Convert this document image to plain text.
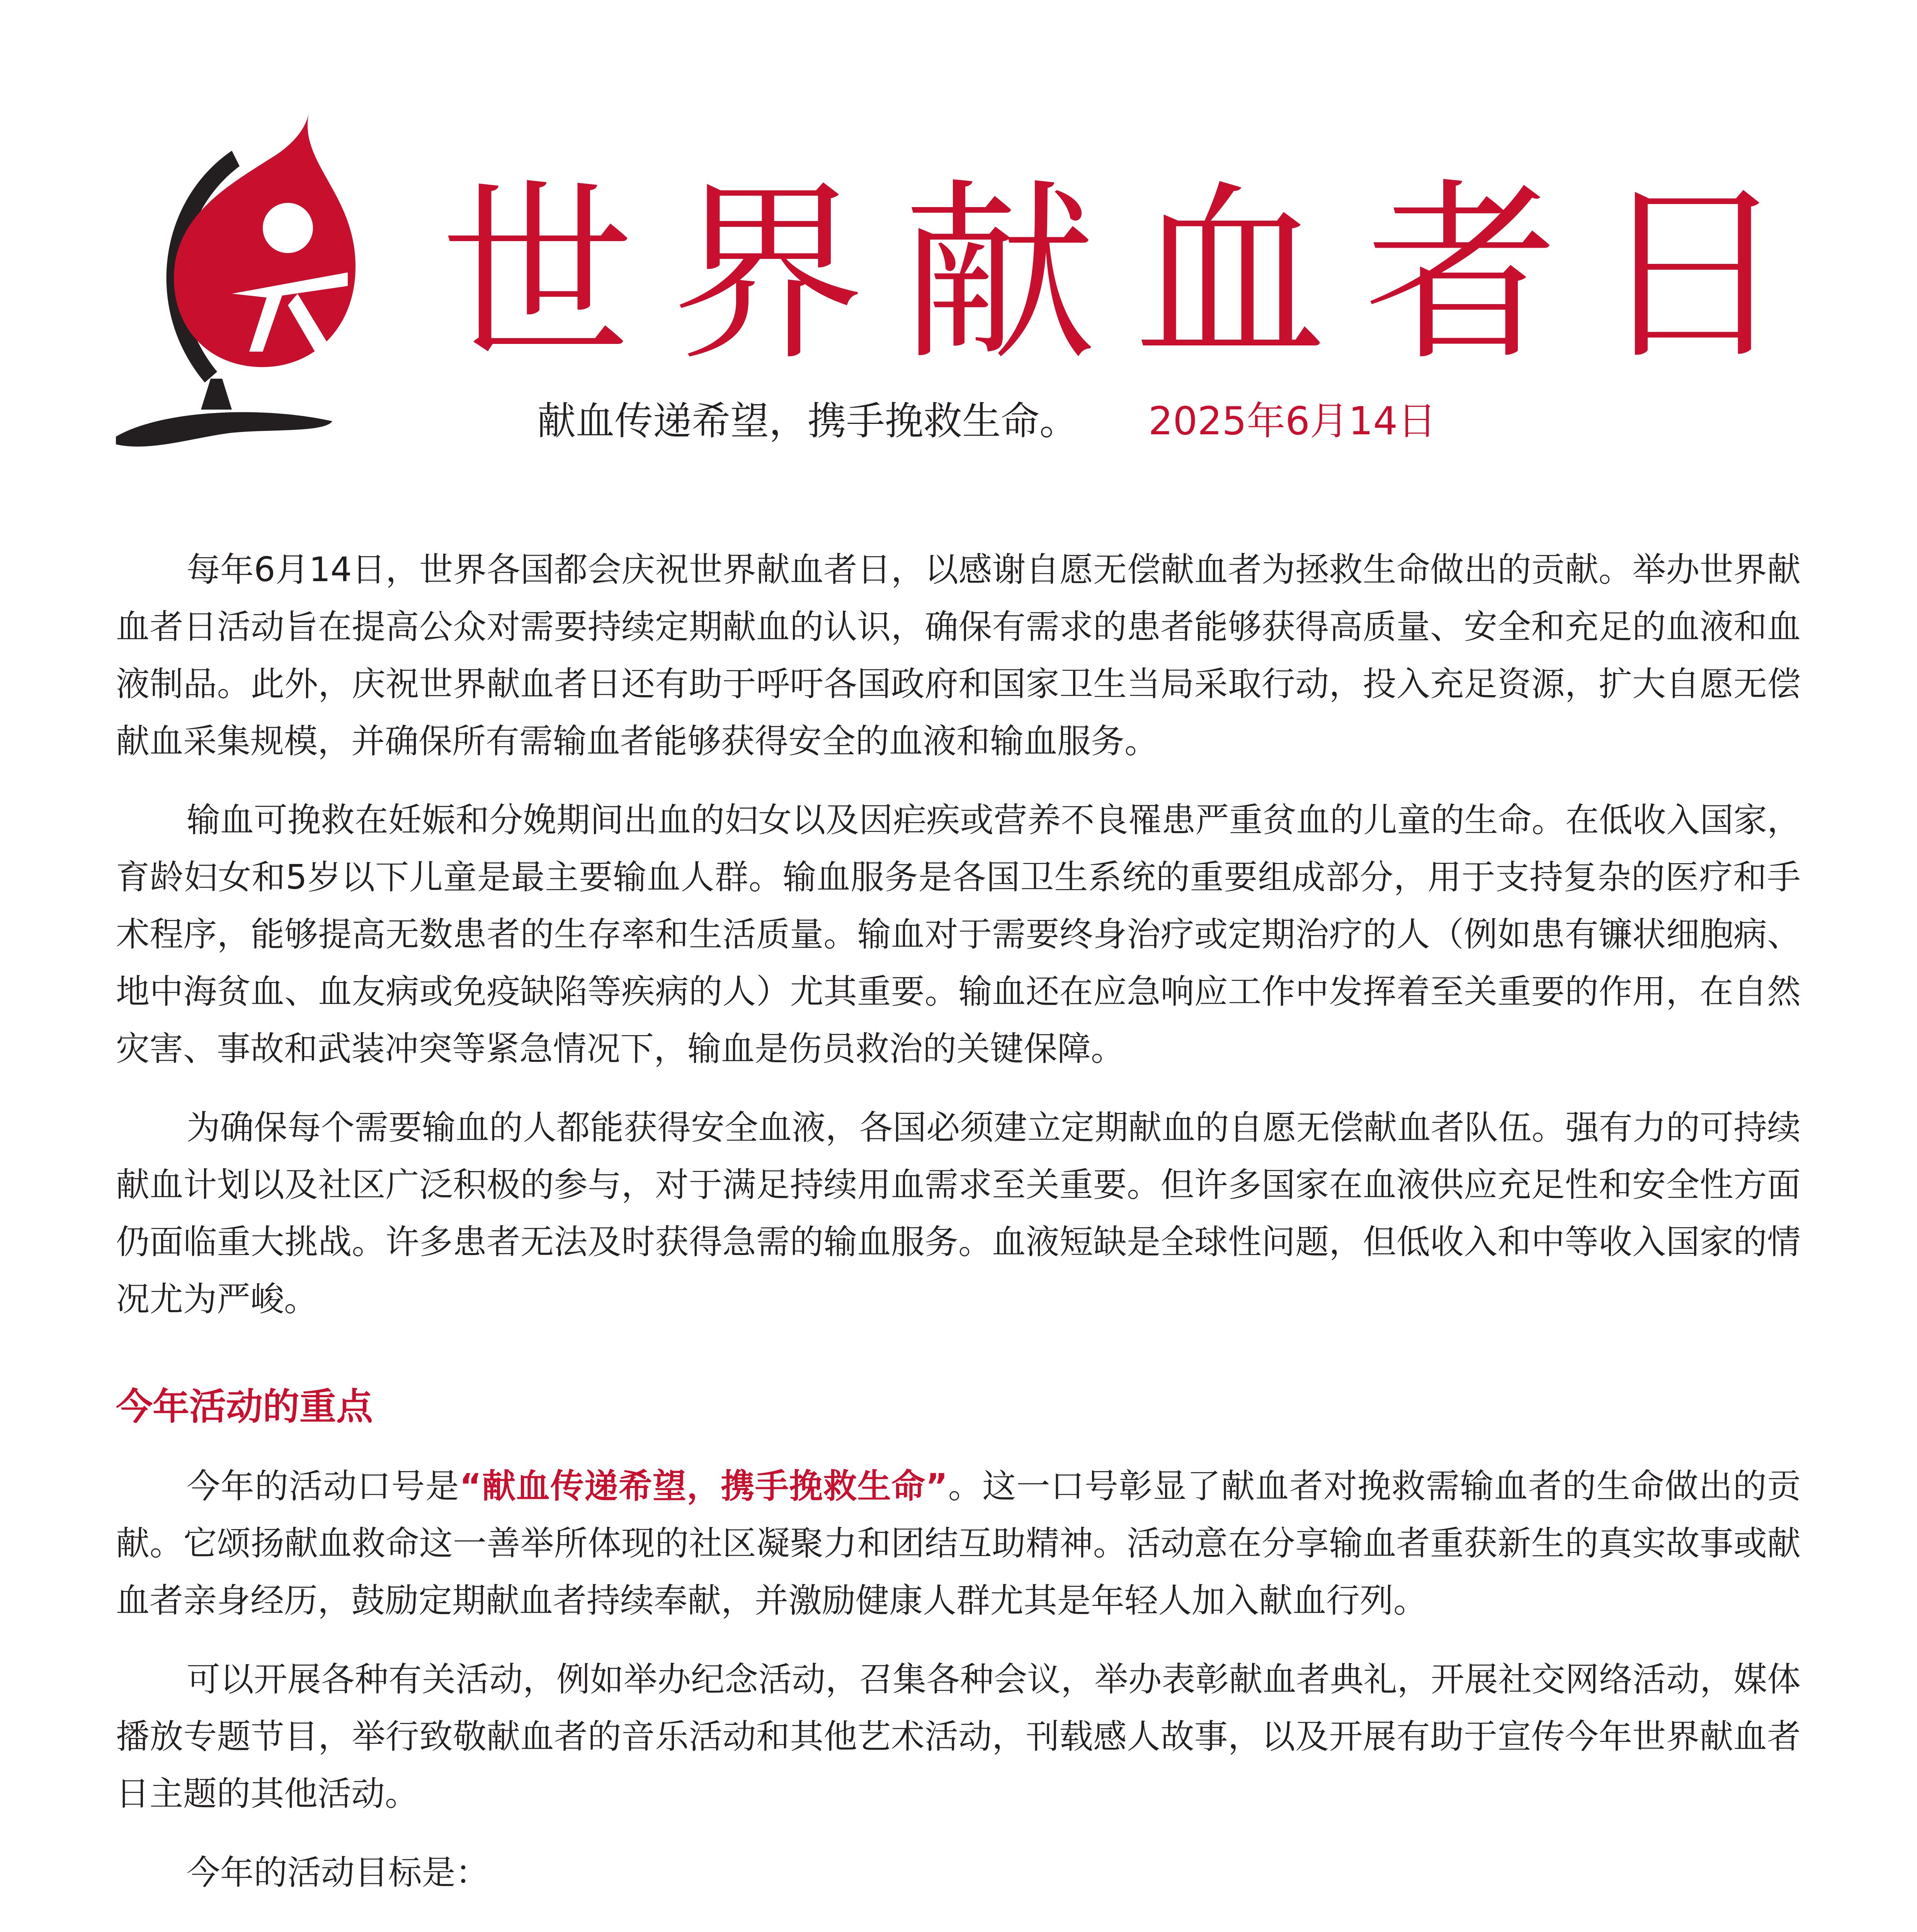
世界献血者日
献血传递希望，携手挽救生命。 2025年6月14日

每年6月14日，世界各国都会庆祝世界献血者日，以感谢自愿无偿献血者为拯救生命做出的贡献。举办世界献血者日活动旨在提高公众对需要持续定期献血的认识，确保有需求的患者能够获得高质量、安全和充足的血液和血液制品。此外，庆祝世界献血者日还有助于呼吁各国政府和国家卫生当局采取行动，投入充足资源，扩大自愿无偿献血采集规模，并确保所有需输血者能够获得安全的血液和输血服务。

输血可挽救在妊娠和分娩期间出血的妇女以及因疟疾或营养不良罹患严重贫血的儿童的生命。在低收入国家，育龄妇女和5岁以下儿童是最主要输血人群。输血服务是各国卫生系统的重要组成部分，用于支持复杂的医疗和手术程序，能够提高无数患者的生存率和生活质量。输血对于需要终身治疗或定期治疗的人（例如患有镰状细胞病、地中海贫血、血友病或免疫缺陷等疾病的人）尤其重要。输血还在应急响应工作中发挥着至关重要的作用，在自然灾害、事故和武装冲突等紧急情况下，输血是伤员救治的关键保障。

为确保每个需要输血的人都能获得安全血液，各国必须建立定期献血的自愿无偿献血者队伍。强有力的可持续献血计划以及社区广泛积极的参与，对于满足持续用血需求至关重要。但许多国家在血液供应充足性和安全性方面仍面临重大挑战。许多患者无法及时获得急需的输血服务。血液短缺是全球性问题，但低收入和中等收入国家的情况尤为严峻。

今年活动的重点

今年的活动口号是“献血传递希望，携手挽救生命”。这一口号彰显了献血者对挽救需输血者的生命做出的贡献。它颂扬献血救命这一善举所体现的社区凝聚力和团结互助精神。活动意在分享输血者重获新生的真实故事或献血者亲身经历，鼓励定期献血者持续奉献，并激励健康人群尤其是年轻人加入献血行列。

可以开展各种有关活动，例如举办纪念活动，召集各种会议，举办表彰献血者典礼，开展社交网络活动，媒体播放专题节目，举行致敬献血者的音乐活动和其他艺术活动，刊载感人故事，以及开展有助于宣传今年世界献血者日主题的其他活动。

今年的活动目标是：
